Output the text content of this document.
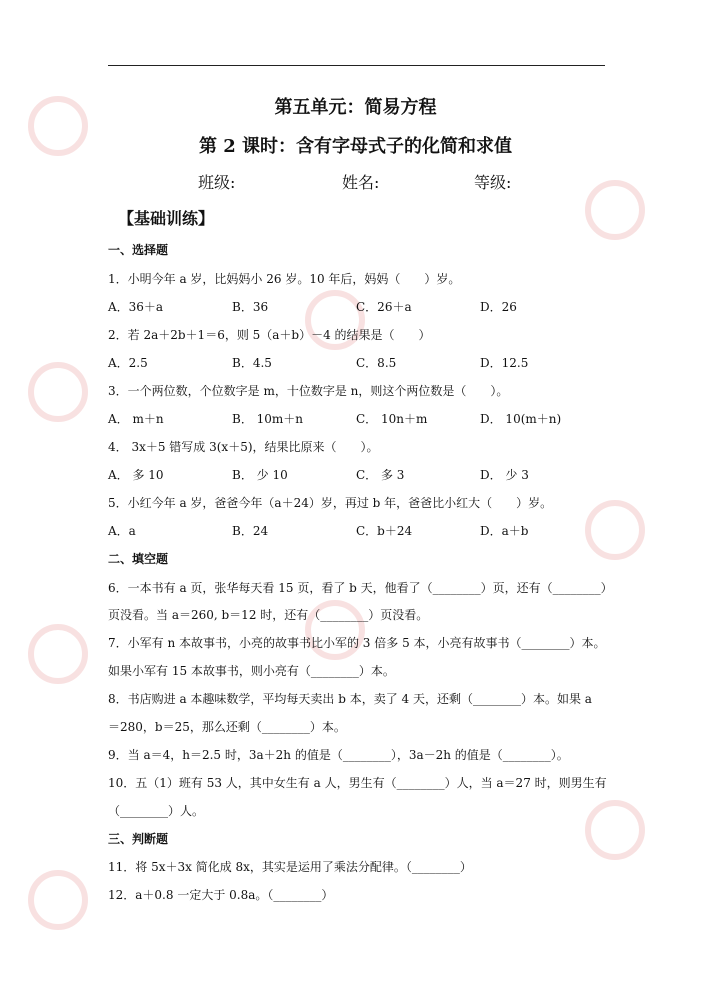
第五单元：简易方程
第 2 课时：含有字母式子的化简和求值
班级:	姓名:	等级:
【基础训练】
一、选择题
1．小明今年 a 岁，比妈妈小 26 岁。10 年后，妈妈（　　）岁。
A．36＋a	B．36	C．26＋a	D．26
2．若 2a＋2b＋1＝6，则 5（a＋b）－4 的结果是（　　）
A．2.5	B．4.5	C．8.5	D．12.5
3．一个两位数，个位数字是 m，十位数字是 n，则这个两位数是（　　）。
A． m＋n	B． 10m＋n	C． 10n＋m	D． 10(m＋n)
4． 3x＋5 错写成 3(x＋5)，结果比原来（　　）。
A． 多 10	B． 少 10	C． 多 3	D． 少 3
5．小红今年 a 岁，爸爸今年（a＋24）岁，再过 b 年，爸爸比小红大（　　）岁。
A．a	B．24	C．b＋24	D．a＋b
二、填空题
6．一本书有 a 页，张华每天看 15 页，看了 b 天，他看了（________）页，还有（________）
页没看。当 a＝260, b＝12 时，还有（________）页没看。
7．小军有 n 本故事书，小亮的故事书比小军的 3 倍多 5 本，小亮有故事书（________）本。
如果小军有 15 本故事书，则小亮有（________）本。
8．书店购进 a 本趣味数学，平均每天卖出 b 本，卖了 4 天，还剩（________）本。如果 a
＝280，b＝25，那么还剩（________）本。
9．当 a＝4，h＝2.5 时，3a＋2h 的值是（________），3a－2h 的值是（________）。
10．五（1）班有 53 人，其中女生有 a 人，男生有（________）人，当 a＝27 时，则男生有
（________）人。
三、判断题
11．将 5x＋3x 简化成 8x，其实是运用了乘法分配律。（________）
12．a＋0.8 一定大于 0.8a。（________）
